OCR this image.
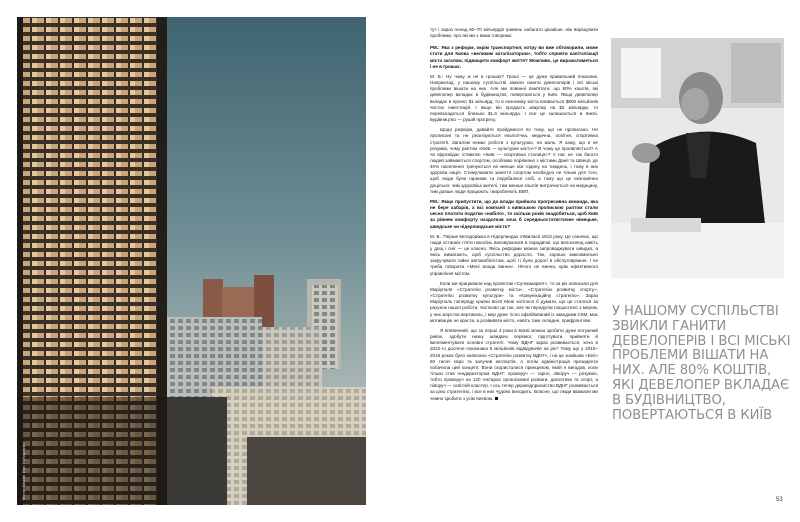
Фото: Maxim Dan / Unsplash

тут і зараз понад 60–70 мільярдів гривень набагато цікавіше, ніж вирішувати проблеми, про які ми з вами говоримо.

РМ.: Яка з реформ, окрім транспортної, котру ви вже обговорили, може стати для Києва «великим каталізатором», тобто сприяти капіталізації міста загалом, підвищити комфорт життя? Можливо, це виражатиметься і не в грошах.

М. Б.: Ну чому ж не в грошах? Гроші — це дуже правильний показник. Наприклад, у нашому суспільстві звикли ганити девелоперів і всі міські проблеми вішати на них. Але ми повинні пам'ятати, що 80% коштів, які девелопер вкладає в будівництво, повертаються у Київ. Якщо девелопер вкладає в проект $1 мільярд, то в економіку міста вливається $800 мільйонів чистих інвестицій. І якщо він продасть квартир на $2 мільярди, то перевкладеться близько $1,6 мільярда. І все це залишається в Києві. Будівництво — рушій прогресу.

Щодо реформ, давайте пройдемося по тому, що не прописано. Не прописані та не реалізуються екологічна, медична, освітня, спортивна стратегії. Загалом немає роботи з культурою, на жаль. Я кажу, що я не розумію, чому раптом «Київ — культурне місто»? В чому це проявляється? А чи відповідає іствиклю «Київ — спортивна столиця»? У нас не так багато людей займаються спортом, особливо порівняно з містами Данії та Швеції, де 40% населення тренуються не менше ніж годину на тиждень, і тому в них здорова нація. Стимулювати заняття спортом необхідно не тільки для того, щоб люди були гарними та подобалися собі, а тому що це економічно доцільно: чим здоровіші жителі, тим менше коштів витрачається на медицину, тим довше люди працюють і виробляють ВВП.

РМ.: Якщо припустити, що до влади прийшла прогресивна команда, яка не бере хабарів, а всі компанії з київською пропискою раптом стали чесно платити податки «набіло», то скільки років знадобиться, щоб Київ за рівнем комфорту наздогнав хоча б середньостатистичне німецьке, шведське чи нідерландське місто?

М. Б.: Перше велодоріжка в Нідерландах з'явилася 1913 року. Це означає, що люди останніх п'яти поколінь виховувалися в парадигмі, що велосипед навіть у дощ і сніг — це класно. Якісь реформи можна запроваджувати швидко, а якісь вимагають, щоб суспільство доросло. Так, хорошо максимально закручувати гайки автомобілістам, щоб ті були дорогі в обслуговуванні. І не треба говорити «Мені влада винна». Нічого не винна, крім ефективного управління містом.

Коли ми працювали над проектом «Супермаркет», то за рік написали для Маріуполя «Стратегію розвитку міста», «Стратегію розвитку спорту», «Стратегію розвитку культури» та «Комунікаційну стратегію». Зараз Маріуполь попереду країни всієї! Мені хотілося б думати, що це сталося за рахунок нашої роботи, частково це так, але їм передусім пощастило з мером, у них жорстка вертикаль, і мер дуже тісно афілійований із заводами СКМ, має мотивацію не красти, а розвивати місто, навіть таке складне, прифронтове.

Я впевнений, що за перші 3 роки в Києві можна зробити дуже потужний ривок, здобути низку швидких перемог, підготувати, прийняти й імплементувати основні стратегії. Чому ВДНГ зараз розвивається, хоча в 2022-го досягне показника 5 мільйонів відвідувачів на рік? Тому що у 2015–2016 роках було написано «Стратегію розвитку ВДНГ», і на це знайшов «Білі» 50 тисяч євро та залучив експертів. А потім адміністрація президента побачила цей концепт. Вони скористалися принципом, який я вигадав, коли тільки став гендиректором ВДНГ: праворуч — гарно, ліворуч — розумно, тобто праворуч на 120 гектарах організовані розваги, дискотеки та спорт, а ліворуч — освітній кластер. І ось тепер держпідприємство ВДНГ розвивається за цією стратегією, і все в них чудово виходить. Власне, що люди вважали ми чемно зробити з усім Києвом.

У НАШОМУ СУСПІЛЬСТВІ ЗВИКЛИ ГАНИТИ ДЕВЕЛОПЕРІВ І ВСІ МІСЬКІ ПРОБЛЕМИ ВІШАТИ НА НИХ. АЛЕ 80% КОШТІВ, ЯКІ ДЕВЕЛОПЕР ВКЛАДАЄ В БУДІВНИЦТВО, ПОВЕРТАЮТЬСЯ В КИЇВ
53
